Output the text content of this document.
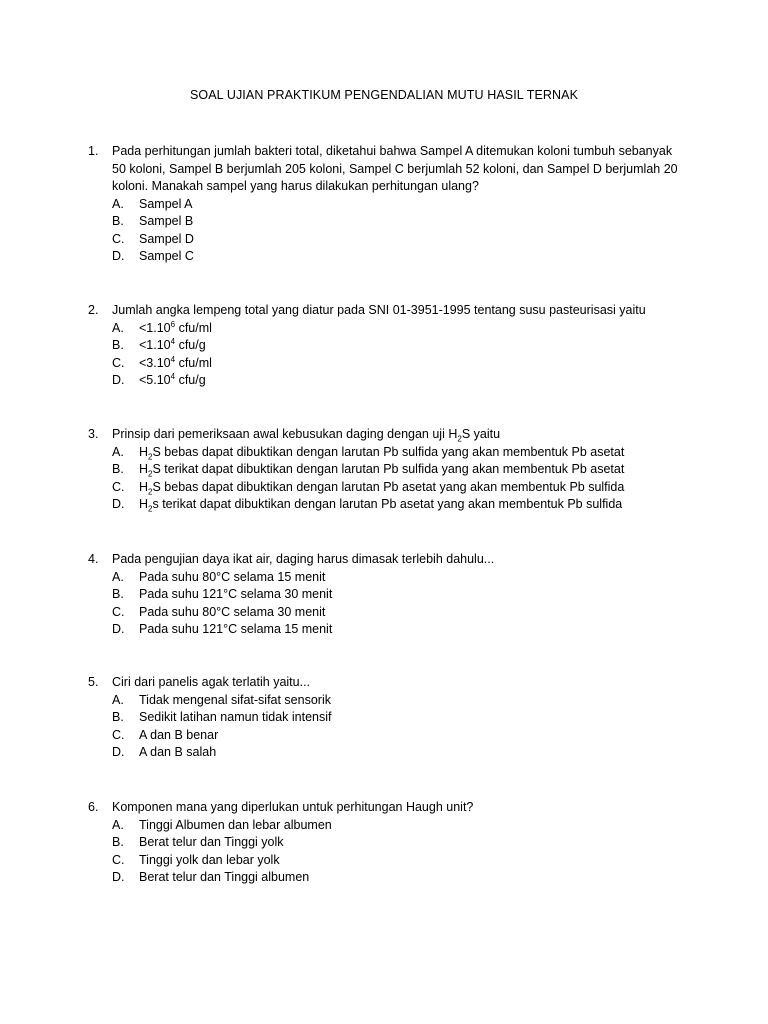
SOAL UJIAN PRAKTIKUM PENGENDALIAN MUTU HASIL TERNAK
1.	Pada perhitungan jumlah bakteri total, diketahui bahwa Sampel A ditemukan koloni tumbuh sebanyak 50 koloni, Sampel B berjumlah 205 koloni, Sampel C berjumlah 52 koloni, dan Sampel D berjumlah 20 koloni. Manakah sampel yang harus dilakukan perhitungan ulang?
A.	Sampel A
B.	Sampel B
C.	Sampel D
D.	Sampel C
2.	Jumlah angka lempeng total yang diatur pada SNI 01-3951-1995 tentang susu pasteurisasi yaitu
A.	$<1.10^6$ cfu/ml
B.	$<1.10^4$ cfu/g
C.	$<3.10^4$ cfu/ml
D.	$<5.10^4$ cfu/g
3.	Prinsip dari pemeriksaan awal kebusukan daging dengan uji $H_2S$ yaitu
A.	$H_2S$ bebas dapat dibuktikan dengan larutan Pb sulfida yang akan membentuk Pb asetat
B.	$H_2S$ terikat dapat dibuktikan dengan larutan Pb sulfida yang akan membentuk Pb asetat
C.	$H_2S$ bebas dapat dibuktikan dengan larutan Pb asetat yang akan membentuk Pb sulfida
D.	$H_2s$ terikat dapat dibuktikan dengan larutan Pb asetat yang akan membentuk Pb sulfida
4.	Pada pengujian daya ikat air, daging harus dimasak terlebih dahulu...
A.	Pada suhu 80°C selama 15 menit
B.	Pada suhu 121°C selama 30 menit
C.	Pada suhu 80°C selama 30 menit
D.	Pada suhu 121°C selama 15 menit
5.	Ciri dari panelis agak terlatih yaitu...
A.	Tidak mengenal sifat-sifat sensorik
B.	Sedikit latihan namun tidak intensif
C.	A dan B benar
D.	A dan B salah
6.	Komponen mana yang diperlukan untuk perhitungan Haugh unit?
A.	Tinggi Albumen dan lebar albumen
B.	Berat telur dan Tinggi yolk
C.	Tinggi yolk dan lebar yolk
D.	Berat telur dan Tinggi albumen
